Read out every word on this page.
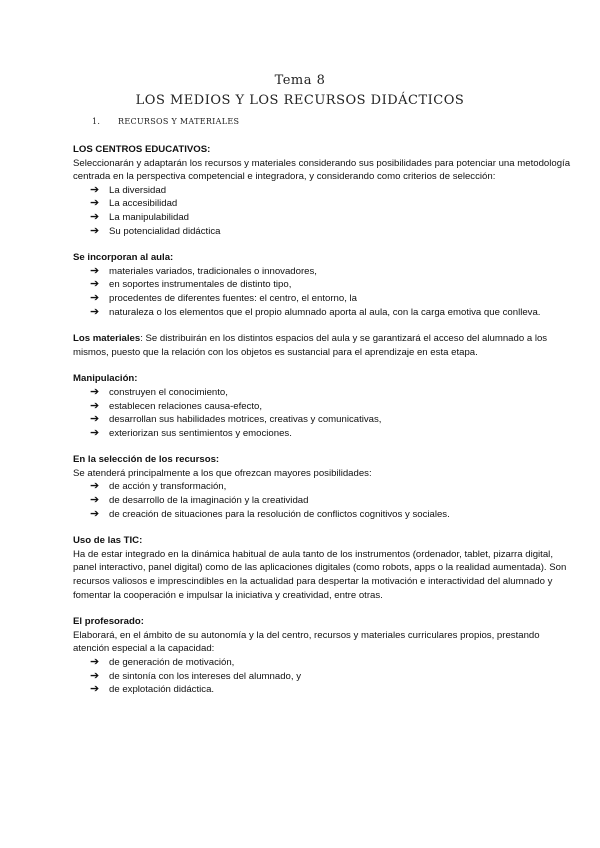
Tema 8
LOS MEDIOS Y LOS RECURSOS DIDÁCTICOS
1. RECURSOS Y MATERIALES
LOS CENTROS EDUCATIVOS:

Seleccionarán y adaptarán los recursos y materiales considerando sus posibilidades para potenciar una metodología centrada en la perspectiva competencial e integradora, y considerando como criterios de selección:

➔ La diversidad
➔ La accesibilidad
➔ La manipulabilidad
➔ Su potencialidad didáctica
Se incorporan al aula:
➔ materiales variados, tradicionales o innovadores,
➔ en soportes instrumentales de distinto tipo,
➔ procedentes de diferentes fuentes: el centro, el entorno, la
➔ naturaleza o los elementos que el propio alumnado aporta al aula, con la carga emotiva que conlleva.

Los materiales: Se distribuirán en los distintos espacios del aula y se garantizará el acceso del alumnado a los mismos, puesto que la relación con los objetos es sustancial para el aprendizaje en esta etapa.

Manipulación:
➔ construyen el conocimiento,
➔ establecen relaciones causa-efecto,
➔ desarrollan sus habilidades motrices, creativas y comunicativas,
➔ exteriorizan sus sentimientos y emociones.
En la selección de los recursos:

Se atenderá principalmente a los que ofrezcan mayores posibilidades:

➔ de acción y transformación,
➔ de desarrollo de la imaginación y la creatividad
➔ de creación de situaciones para la resolución de conflictos cognitivos y sociales.
Uso de las TIC:

Ha de estar integrado en la dinámica habitual de aula tanto de los instrumentos (ordenador, tablet, pizarra digital, panel interactivo, panel digital) como de las aplicaciones digitales (como robots, apps o la realidad aumentada). Son recursos valiosos e imprescindibles en la actualidad para despertar la motivación e interactividad del alumnado y fomentar la cooperación e impulsar la iniciativa y creatividad, entre otras.

El profesorado:

Elaborará, en el ámbito de su autonomía y la del centro, recursos y materiales curriculares propios, prestando atención especial a la capacidad:

➔ de generación de motivación,
➔ de sintonía con los intereses del alumnado, y
➔ de explotación didáctica.
